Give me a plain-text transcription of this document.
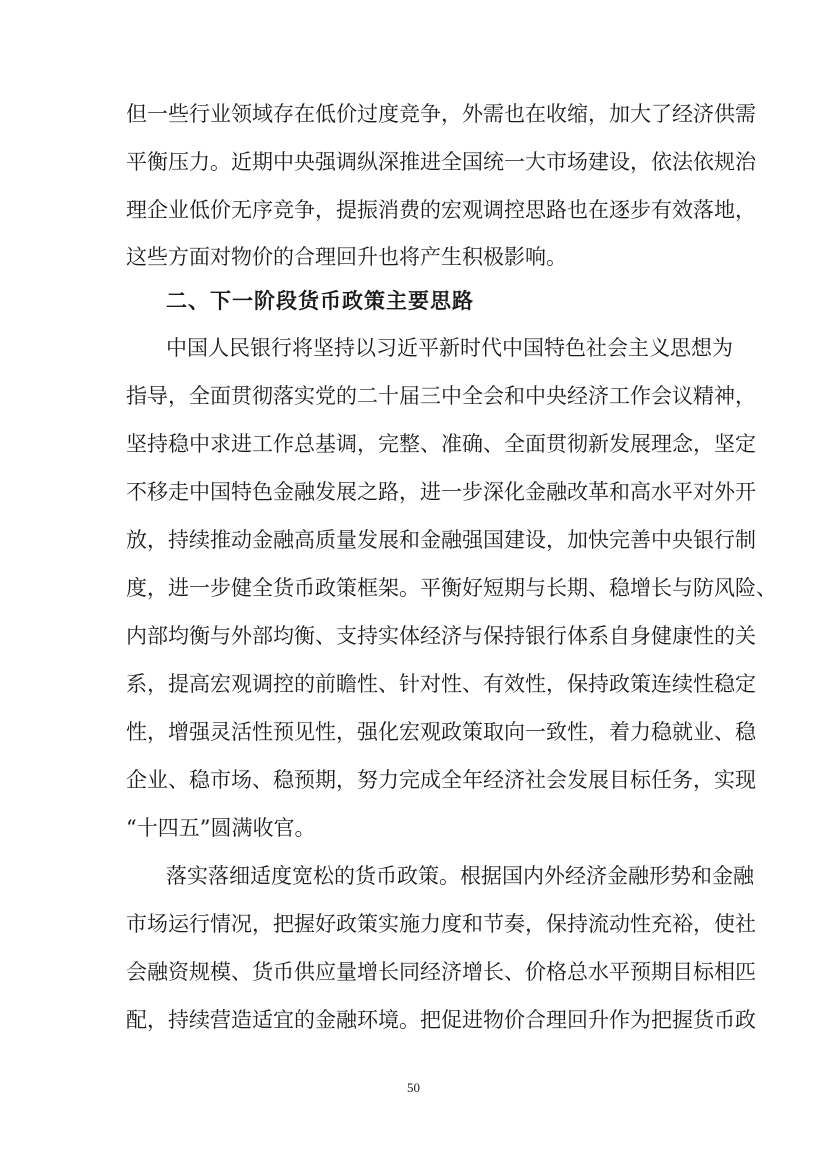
但一些行业领域存在低价过度竞争，外需也在收缩，加大了经济供需
平衡压力。近期中央强调纵深推进全国统一大市场建设，依法依规治
理企业低价无序竞争，提振消费的宏观调控思路也在逐步有效落地，
这些方面对物价的合理回升也将产生积极影响。
二、下一阶段货币政策主要思路
中国人民银行将坚持以习近平新时代中国特色社会主义思想为
指导，全面贯彻落实党的二十届三中全会和中央经济工作会议精神，
坚持稳中求进工作总基调，完整、准确、全面贯彻新发展理念，坚定
不移走中国特色金融发展之路，进一步深化金融改革和高水平对外开
放，持续推动金融高质量发展和金融强国建设，加快完善中央银行制
度，进一步健全货币政策框架。平衡好短期与长期、稳增长与防风险、
内部均衡与外部均衡、支持实体经济与保持银行体系自身健康性的关
系，提高宏观调控的前瞻性、针对性、有效性，保持政策连续性稳定
性，增强灵活性预见性，强化宏观政策取向一致性，着力稳就业、稳
企业、稳市场、稳预期，努力完成全年经济社会发展目标任务，实现
“十四五”圆满收官。
落实落细适度宽松的货币政策。根据国内外经济金融形势和金融
市场运行情况，把握好政策实施力度和节奏，保持流动性充裕，使社
会融资规模、货币供应量增长同经济增长、价格总水平预期目标相匹
配，持续营造适宜的金融环境。把促进物价合理回升作为把握货币政
50
